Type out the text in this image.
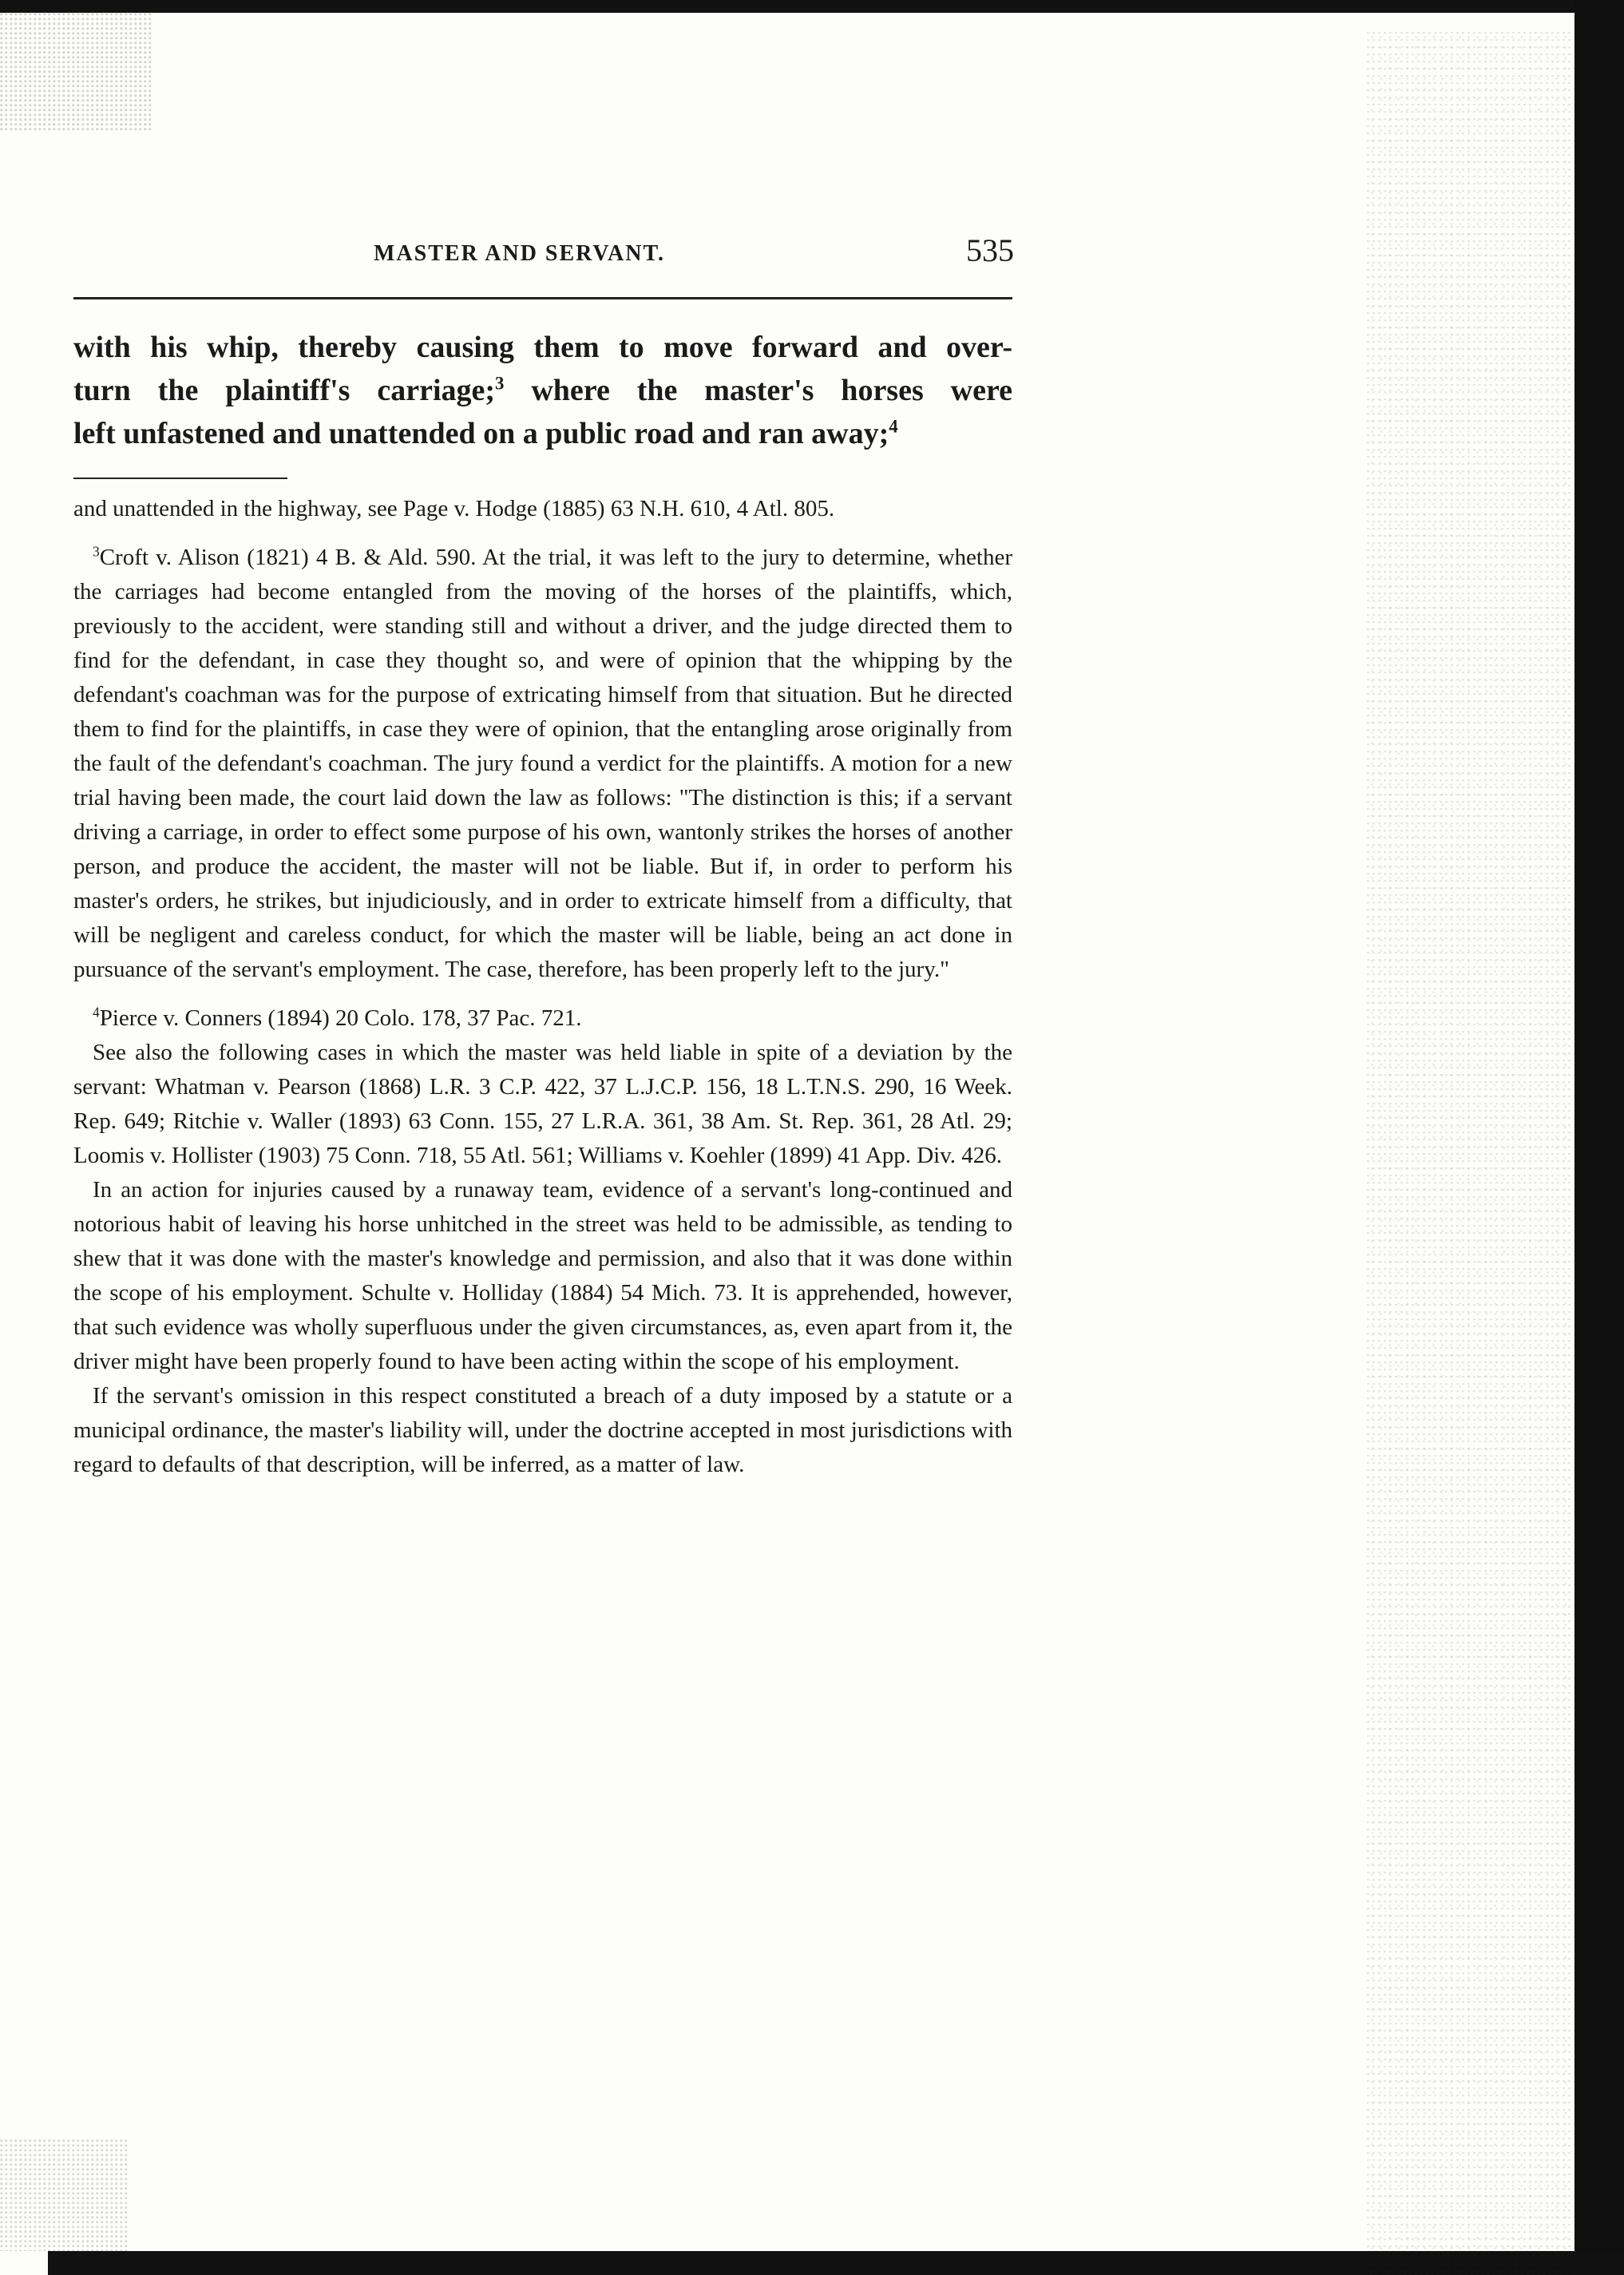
MASTER AND SERVANT.	535
with his whip, thereby causing them to move forward and over-
turn the plaintiff's carriage;$^3$ where the master's horses were
left unfastened and unattended on a public road and ran away;$^4$

and unattended in the highway, see Page v. Hodge (1885) 63 N.H. 610, 4 Atl. 805.

$^3$Croft v. Alison (1821) 4 B. & Ald. 590. At the trial, it was left to the jury to determine, whether the carriages had become entangled from the moving of the horses of the plaintiffs, which, previously to the accident, were standing still and without a driver, and the judge directed them to find for the defendant, in case they thought so, and were of opinion that the whipping by the defendant's coachman was for the purpose of extricating himself from that situation. But he directed them to find for the plaintiffs, in case they were of opinion, that the entangling arose originally from the fault of the defendant's coachman. The jury found a verdict for the plaintiffs. A motion for a new trial having been made, the court laid down the law as follows: "The distinction is this; if a servant driving a carriage, in order to effect some purpose of his own, wantonly strikes the horses of another person, and produce the accident, the master will not be liable. But if, in order to perform his master's orders, he strikes, but injudiciously, and in order to extricate himself from a difficulty, that will be negligent and careless conduct, for which the master will be liable, being an act done in pursuance of the servant's employment. The case, therefore, has been properly left to the jury."

$^4$Pierce v. Conners (1894) 20 Colo. 178, 37 Pac. 721.

See also the following cases in which the master was held liable in spite of a deviation by the servant: Whatman v. Pearson (1868) L.R. 3 C.P. 422, 37 L.J.C.P. 156, 18 L.T.N.S. 290, 16 Week. Rep. 649; Ritchie v. Waller (1893) 63 Conn. 155, 27 L.R.A. 361, 38 Am. St. Rep. 361, 28 Atl. 29; Loomis v. Hollister (1903) 75 Conn. 718, 55 Atl. 561; Williams v. Koehler (1899) 41 App. Div. 426.

In an action for injuries caused by a runaway team, evidence of a servant's long-continued and notorious habit of leaving his horse unhitched in the street was held to be admissible, as tending to shew that it was done with the master's knowledge and permission, and also that it was done within the scope of his employment. Schulte v. Holliday (1884) 54 Mich. 73. It is apprehended, however, that such evidence was wholly superfluous under the given circumstances, as, even apart from it, the driver might have been properly found to have been acting within the scope of his employment.

If the servant's omission in this respect constituted a breach of a duty imposed by a statute or a municipal ordinance, the master's liability will, under the doctrine accepted in most jurisdictions with regard to defaults of that description, will be inferred, as a matter of law.
